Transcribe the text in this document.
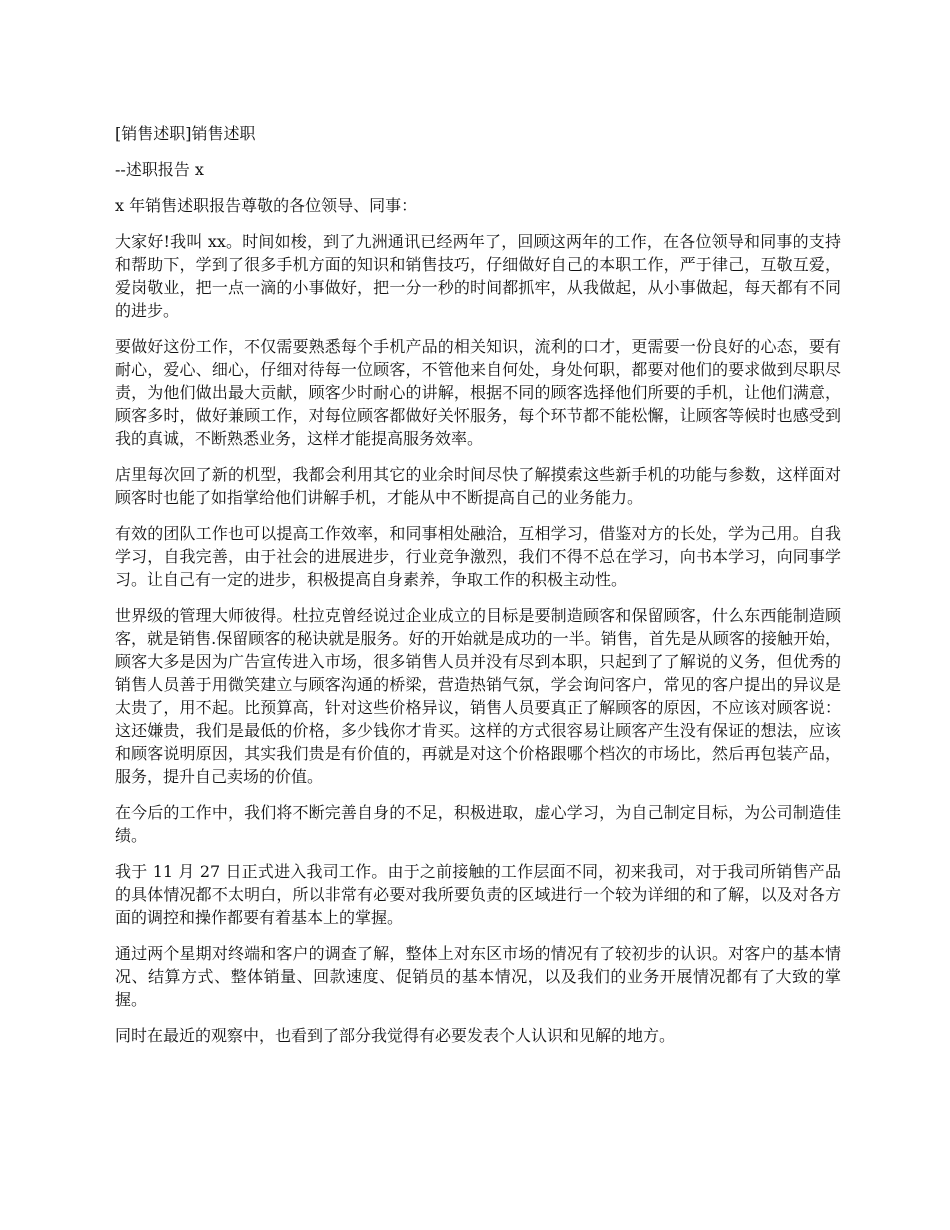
[销售述职]销售述职

--述职报告 x

x 年销售述职报告尊敬的各位领导、同事：

大家好!我叫 xx。时间如梭，到了九洲通讯已经两年了，回顾这两年的工作，在各位领导和同事的支持和帮助下，学到了很多手机方面的知识和销售技巧，仔细做好自己的本职工作，严于律己，互敬互爱，爱岗敬业，把一点一滴的小事做好，把一分一秒的时间都抓牢，从我做起，从小事做起，每天都有不同的进步。

要做好这份工作，不仅需要熟悉每个手机产品的相关知识，流利的口才，更需要一份良好的心态，要有耐心，爱心、细心，仔细对待每一位顾客，不管他来自何处，身处何职，都要对他们的要求做到尽职尽责，为他们做出最大贡献，顾客少时耐心的讲解，根据不同的顾客选择他们所要的手机，让他们满意，顾客多时，做好兼顾工作，对每位顾客都做好关怀服务，每个环节都不能松懈，让顾客等候时也感受到我的真诚，不断熟悉业务，这样才能提高服务效率。

店里每次回了新的机型，我都会利用其它的业余时间尽快了解摸索这些新手机的功能与参数，这样面对顾客时也能了如指掌给他们讲解手机，才能从中不断提高自己的业务能力。

有效的团队工作也可以提高工作效率，和同事相处融洽，互相学习，借鉴对方的长处，学为己用。自我学习，自我完善，由于社会的进展进步，行业竞争激烈，我们不得不总在学习，向书本学习，向同事学习。让自己有一定的进步，积极提高自身素养，争取工作的积极主动性。

世界级的管理大师彼得。杜拉克曾经说过企业成立的目标是要制造顾客和保留顾客，什么东西能制造顾客，就是销售.保留顾客的秘诀就是服务。好的开始就是成功的一半。销售，首先是从顾客的接触开始，顾客大多是因为广告宣传进入市场，很多销售人员并没有尽到本职，只起到了了解说的义务，但优秀的销售人员善于用微笑建立与顾客沟通的桥梁，营造热销气氛，学会询问客户，常见的客户提出的异议是太贵了，用不起。比预算高，针对这些价格异议，销售人员要真正了解顾客的原因，不应该对顾客说：这还嫌贵，我们是最低的价格，多少钱你才肯买。这样的方式很容易让顾客产生没有保证的想法，应该和顾客说明原因，其实我们贵是有价值的，再就是对这个价格跟哪个档次的市场比，然后再包装产品，服务，提升自己卖场的价值。

在今后的工作中，我们将不断完善自身的不足，积极进取，虚心学习，为自己制定目标，为公司制造佳绩。

我于 11 月 27 日正式进入我司工作。由于之前接触的工作层面不同，初来我司，对于我司所销售产品的具体情况都不太明白，所以非常有必要对我所要负责的区域进行一个较为详细的和了解，以及对各方面的调控和操作都要有着基本上的掌握。

通过两个星期对终端和客户的调查了解，整体上对东区市场的情况有了较初步的认识。对客户的基本情况、结算方式、整体销量、回款速度、促销员的基本情况，以及我们的业务开展情况都有了大致的掌握。

同时在最近的观察中，也看到了部分我觉得有必要发表个人认识和见解的地方。
